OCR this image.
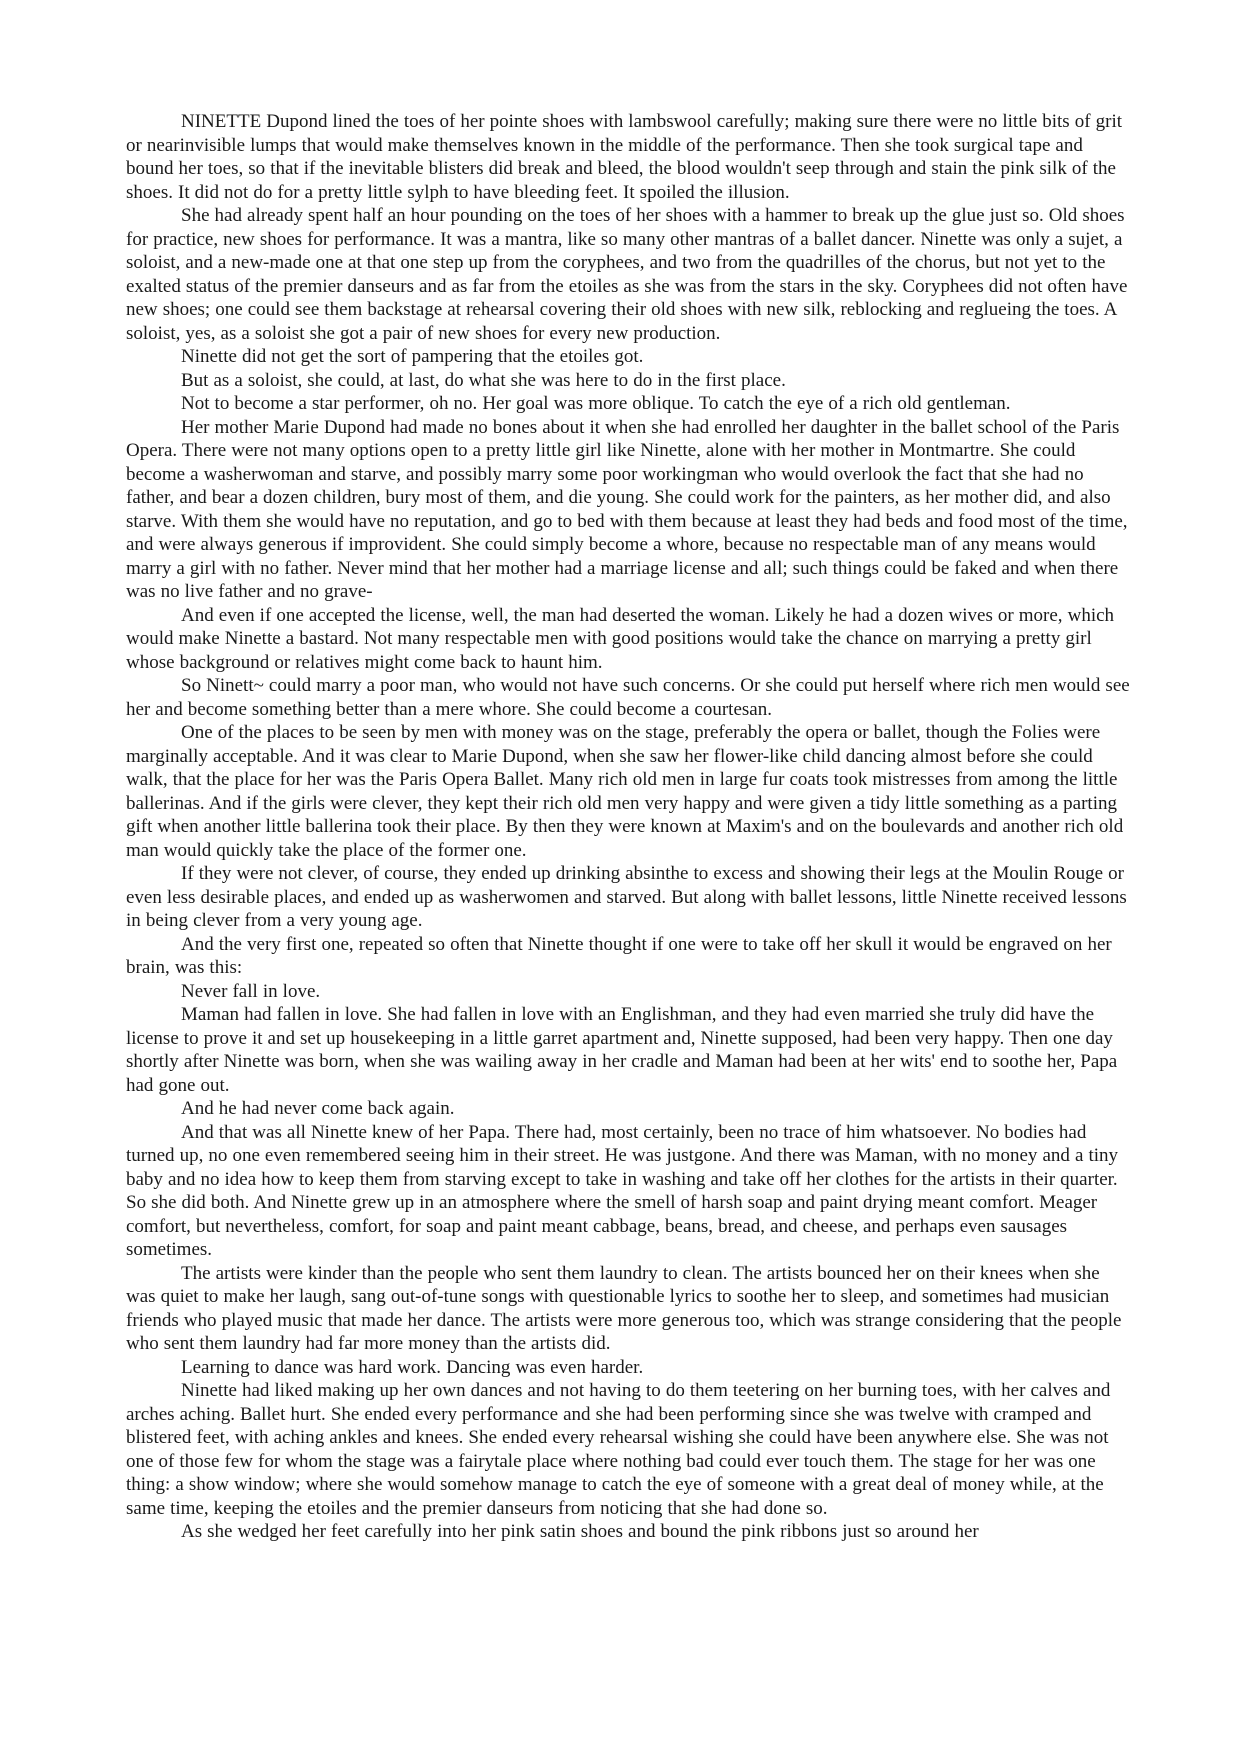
NINETTE Dupond lined the toes of her pointe shoes with lambswool carefully; making sure there were no little bits of grit or nearinvisible lumps that would make themselves known in the middle of the performance. Then she took surgical tape and bound her toes, so that if the inevitable blisters did break and bleed, the blood wouldn't seep through and stain the pink silk of the shoes. It did not do for a pretty little sylph to have bleeding feet. It spoiled the illusion.

She had already spent half an hour pounding on the toes of her shoes with a hammer to break up the glue just so. Old shoes for practice, new shoes for performance. It was a mantra, like so many other mantras of a ballet dancer. Ninette was only a sujet, a soloist, and a new-made one at that one step up from the coryphees, and two from the quadrilles of the chorus, but not yet to the exalted status of the premier danseurs and as far from the etoiles as she was from the stars in the sky. Coryphees did not often have new shoes; one could see them backstage at rehearsal covering their old shoes with new silk, reblocking and reglueing the toes. A soloist, yes, as a soloist she got a pair of new shoes for every new production.

Ninette did not get the sort of pampering that the etoiles got.

But as a soloist, she could, at last, do what she was here to do in the first place.

Not to become a star performer, oh no. Her goal was more oblique. To catch the eye of a rich old gentleman.

Her mother Marie Dupond had made no bones about it when she had enrolled her daughter in the ballet school of the Paris Opera. There were not many options open to a pretty little girl like Ninette, alone with her mother in Montmartre. She could become a washerwoman and starve, and possibly marry some poor workingman who would overlook the fact that she had no father, and bear a dozen children, bury most of them, and die young. She could work for the painters, as her mother did, and also starve. With them she would have no reputation, and go to bed with them because at least they had beds and food most of the time, and were always generous if improvident. She could simply become a whore, because no respectable man of any means would marry a girl with no father. Never mind that her mother had a marriage license and all; such things could be faked and when there was no live father and no grave-

And even if one accepted the license, well, the man had deserted the woman. Likely he had a dozen wives or more, which would make Ninette a bastard. Not many respectable men with good positions would take the chance on marrying a pretty girl whose background or relatives might come back to haunt him.

So Ninett~ could marry a poor man, who would not have such concerns. Or she could put herself where rich men would see her and become something better than a mere whore. She could become a courtesan.

One of the places to be seen by men with money was on the stage, preferably the opera or ballet, though the Folies were marginally acceptable. And it was clear to Marie Dupond, when she saw her flower-like child dancing almost before she could walk, that the place for her was the Paris Opera Ballet. Many rich old men in large fur coats took mistresses from among the little ballerinas. And if the girls were clever, they kept their rich old men very happy and were given a tidy little something as a parting gift when another little ballerina took their place. By then they were known at Maxim's and on the boulevards and another rich old man would quickly take the place of the former one.

If they were not clever, of course, they ended up drinking absinthe to excess and showing their legs at the Moulin Rouge or even less desirable places, and ended up as washerwomen and starved. But along with ballet lessons, little Ninette received lessons in being clever from a very young age.

And the very first one, repeated so often that Ninette thought if one were to take off her skull it would be engraved on her brain, was this:

Never fall in love.

Maman had fallen in love. She had fallen in love with an Englishman, and they had even married she truly did have the license to prove it and set up housekeeping in a little garret apartment and, Ninette supposed, had been very happy. Then one day shortly after Ninette was born, when she was wailing away in her cradle and Maman had been at her wits' end to soothe her, Papa had gone out.

And he had never come back again.

And that was all Ninette knew of her Papa. There had, most certainly, been no trace of him whatsoever. No bodies had turned up, no one even remembered seeing him in their street. He was justgone. And there was Maman, with no money and a tiny baby and no idea how to keep them from starving except to take in washing and take off her clothes for the artists in their quarter. So she did both. And Ninette grew up in an atmosphere where the smell of harsh soap and paint drying meant comfort. Meager comfort, but nevertheless, comfort, for soap and paint meant cabbage, beans, bread, and cheese, and perhaps even sausages sometimes.

The artists were kinder than the people who sent them laundry to clean. The artists bounced her on their knees when she was quiet to make her laugh, sang out-of-tune songs with questionable lyrics to soothe her to sleep, and sometimes had musician friends who played music that made her dance. The artists were more generous too, which was strange considering that the people who sent them laundry had far more money than the artists did.

Learning to dance was hard work. Dancing was even harder.

Ninette had liked making up her own dances and not having to do them teetering on her burning toes, with her calves and arches aching. Ballet hurt. She ended every performance and she had been performing since she was twelve with cramped and blistered feet, with aching ankles and knees. She ended every rehearsal wishing she could have been anywhere else. She was not one of those few for whom the stage was a fairytale place where nothing bad could ever touch them. The stage for her was one thing: a show window; where she would somehow manage to catch the eye of someone with a great deal of money while, at the same time, keeping the etoiles and the premier danseurs from noticing that she had done so.

As she wedged her feet carefully into her pink satin shoes and bound the pink ribbons just so around her
